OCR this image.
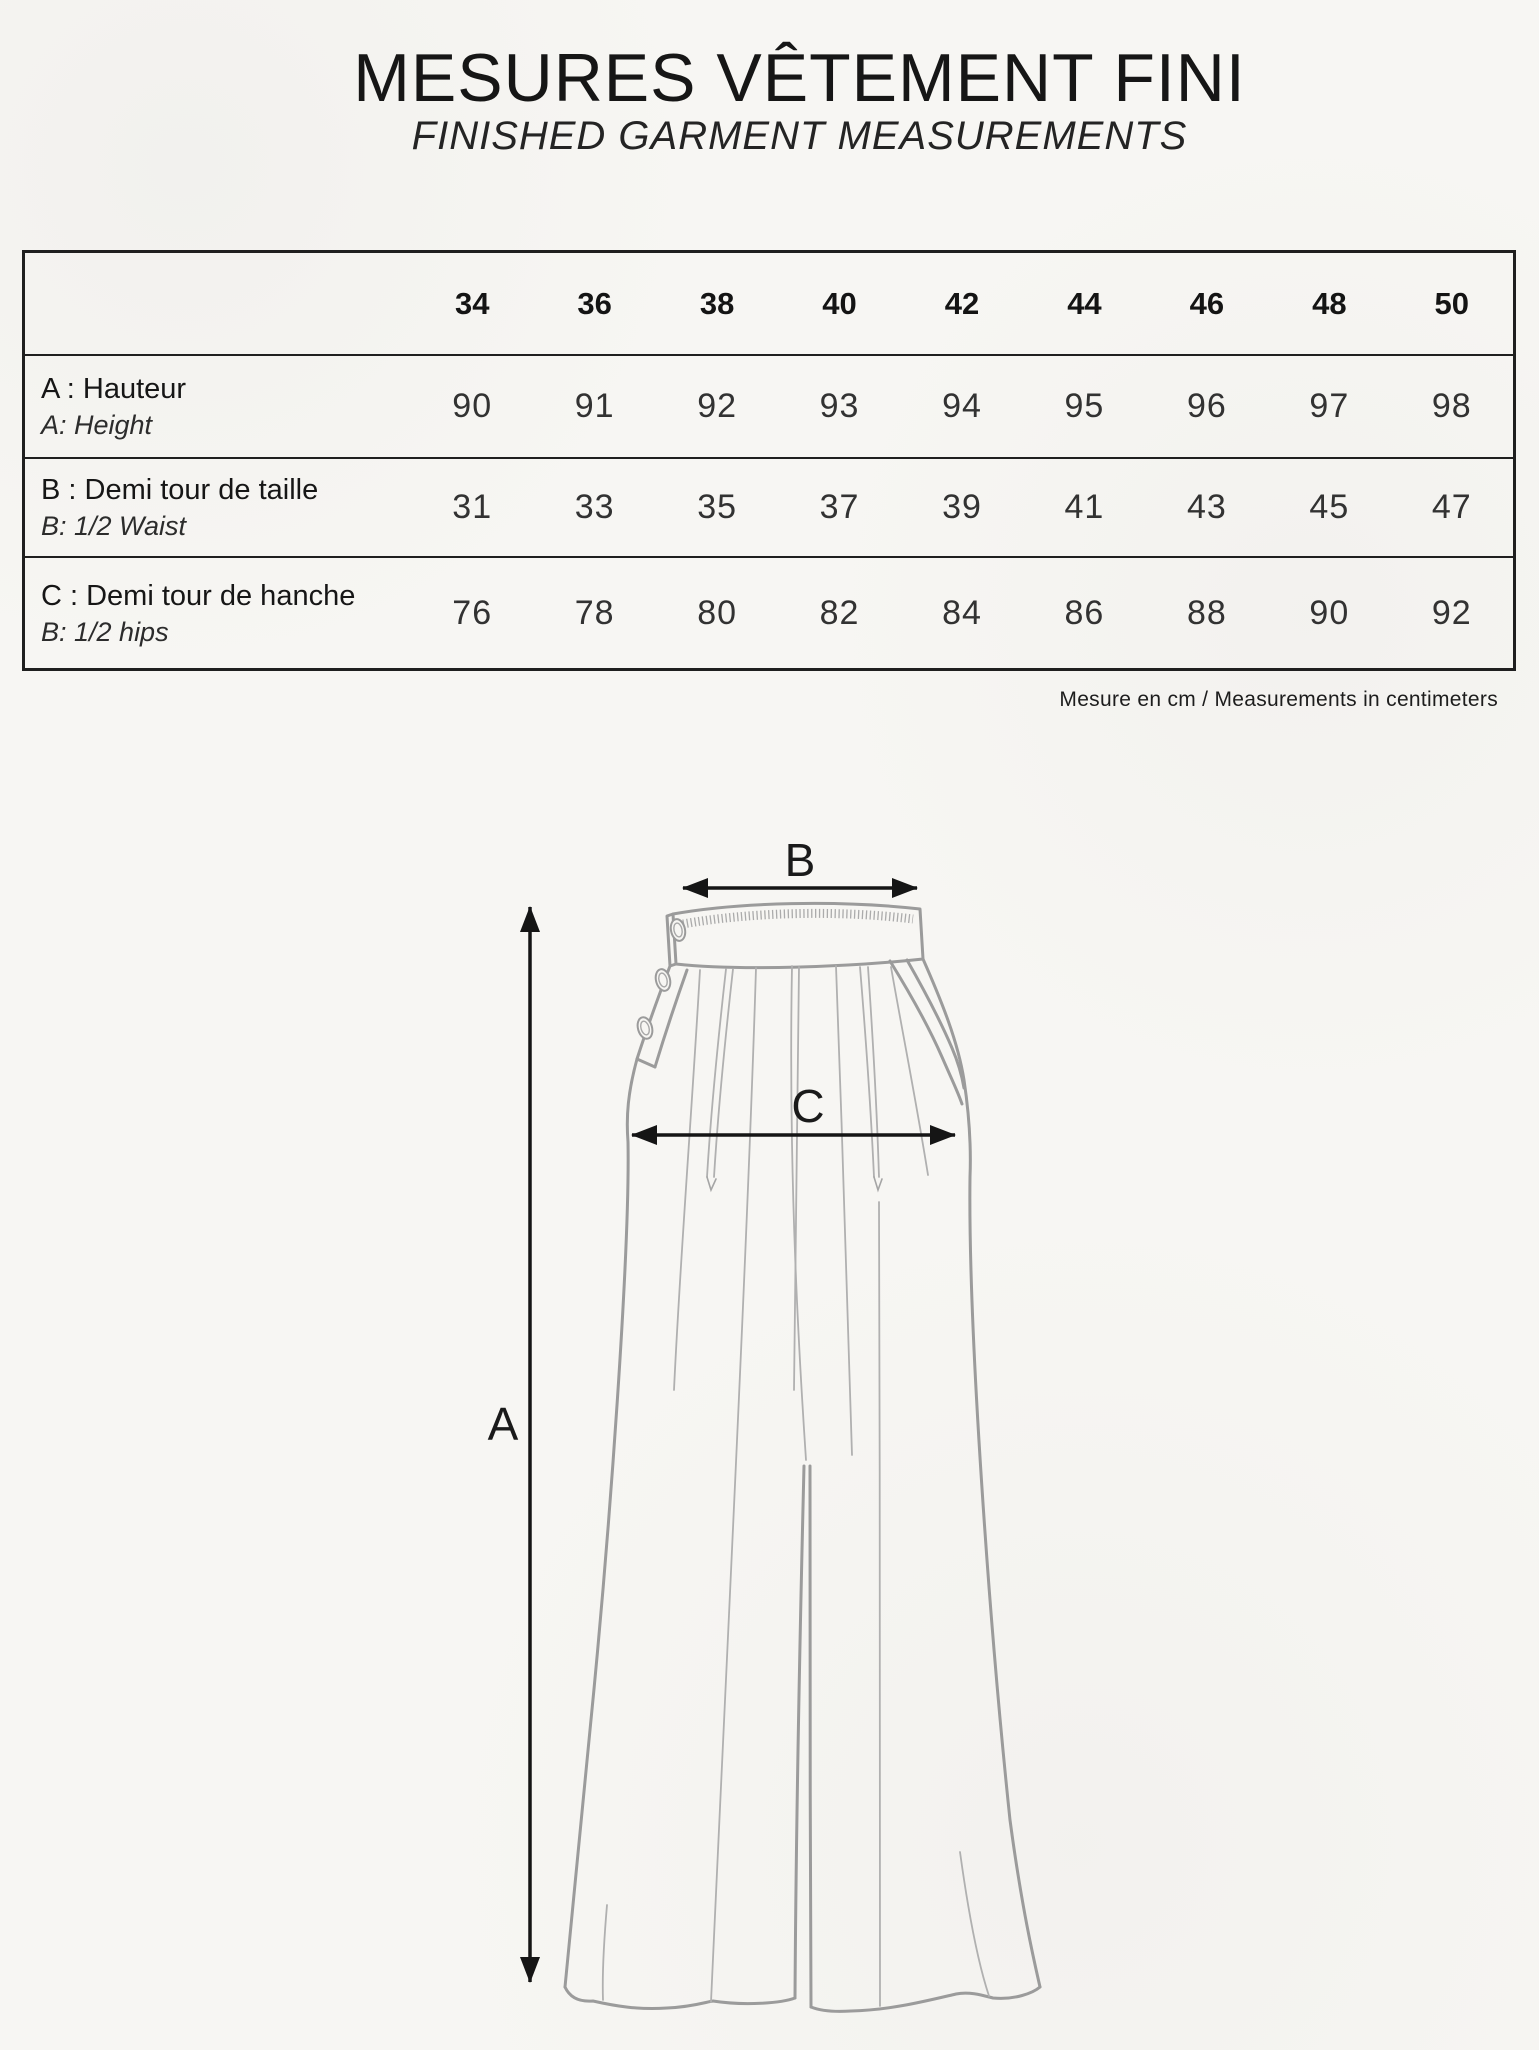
MESURES VÊTEMENT FINI
FINISHED GARMENT MEASUREMENTS
34	36	38	40	42	44	46	48	50
A : Hauteur
A: Height	90	91	92	93	94	95	96	97	98
B : Demi tour de taille
B: 1/2 Waist	31	33	35	37	39	41	43	45	47
C : Demi tour de hanche
B: 1/2 hips	76	78	80	82	84	86	88	90	92
Mesure en cm / Measurements in centimeters
A
B
C
